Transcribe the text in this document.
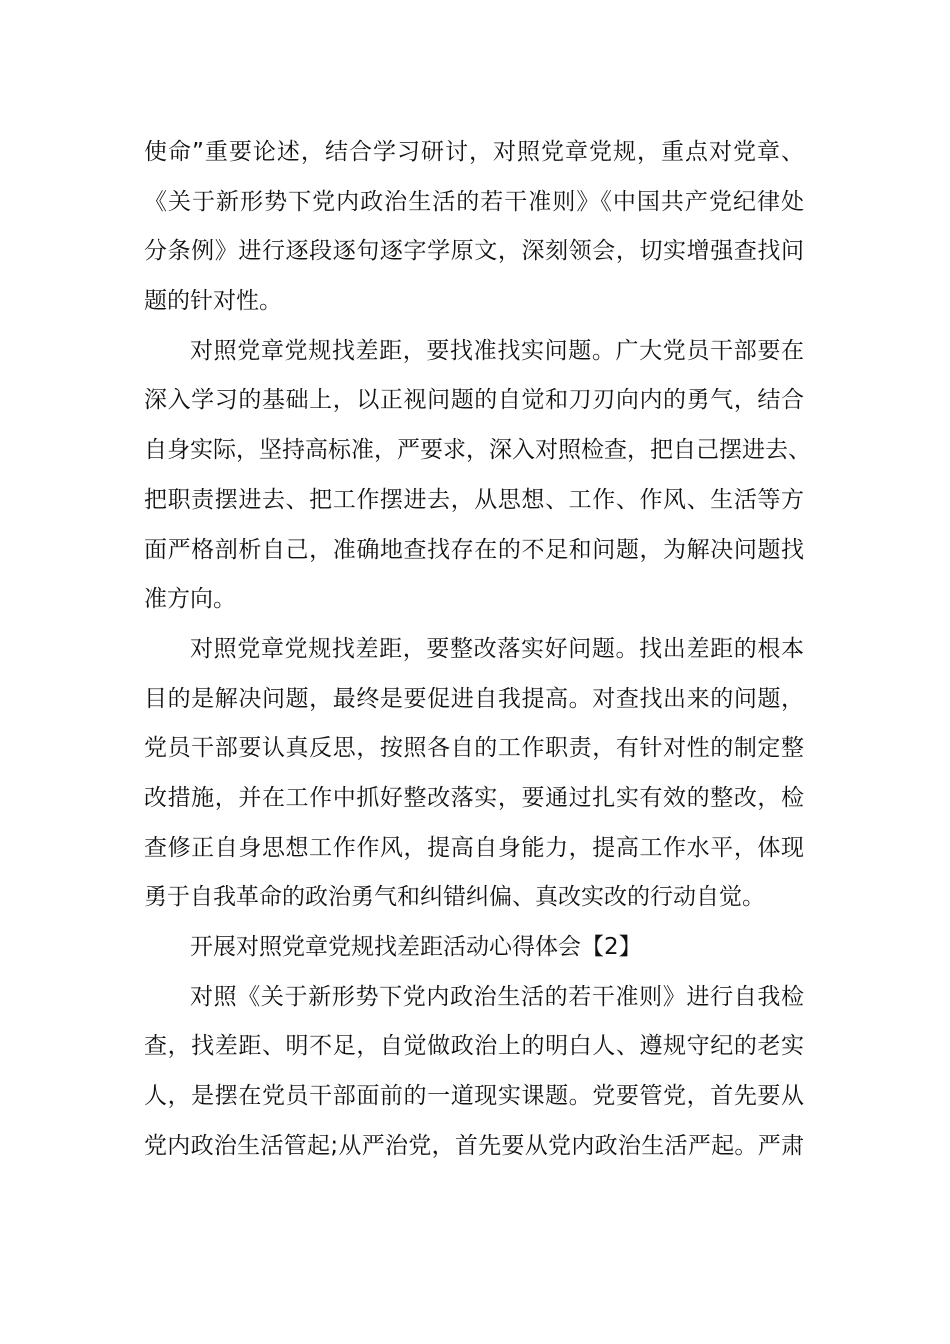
使命”重要论述，结合学习研讨，对照党章党规，重点对党章、
《关于新形势下党内政治生活的若干准则》《中国共产党纪律处
分条例》进行逐段逐句逐字学原文，深刻领会，切实增强查找问
题的针对性。
对照党章党规找差距，要找准找实问题。广大党员干部要在
深入学习的基础上，以正视问题的自觉和刀刃向内的勇气，结合
自身实际，坚持高标准，严要求，深入对照检查，把自己摆进去、
把职责摆进去、把工作摆进去，从思想、工作、作风、生活等方
面严格剖析自己，准确地查找存在的不足和问题，为解决问题找
准方向。
对照党章党规找差距，要整改落实好问题。找出差距的根本
目的是解决问题，最终是要促进自我提高。对查找出来的问题，
党员干部要认真反思，按照各自的工作职责，有针对性的制定整
改措施，并在工作中抓好整改落实，要通过扎实有效的整改，检
查修正自身思想工作作风，提高自身能力，提高工作水平，体现
勇于自我革命的政治勇气和纠错纠偏、真改实改的行动自觉。
开展对照党章党规找差距活动心得体会【2】
对照《关于新形势下党内政治生活的若干准则》进行自我检
查，找差距、明不足，自觉做政治上的明白人、遵规守纪的老实
人，是摆在党员干部面前的一道现实课题。党要管党，首先要从
党内政治生活管起;从严治党，首先要从党内政治生活严起。严肃
